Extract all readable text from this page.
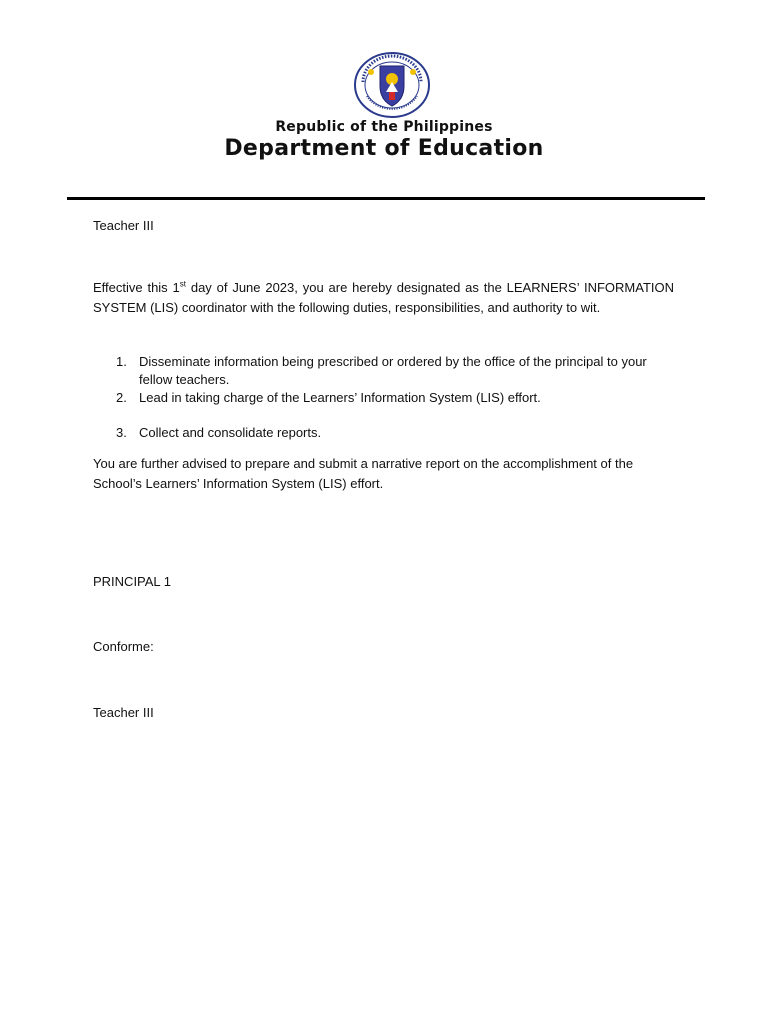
Republic of the Philippines
Department of Education
Teacher III
Effective this 1st day of June 2023, you are hereby designated as the LEARNERS’ INFORMATION SYSTEM (LIS) coordinator with the following duties, responsibilities, and authority to wit.
1. Disseminate information being prescribed or ordered by the office of the principal to your fellow teachers.
2. Lead in taking charge of the Learners’ Information System (LIS) effort.
3. Collect and consolidate reports.
You are further advised to prepare and submit a narrative report on the accomplishment of the School’s Learners’ Information System (LIS) effort.
PRINCIPAL 1
Conforme:
Teacher III
